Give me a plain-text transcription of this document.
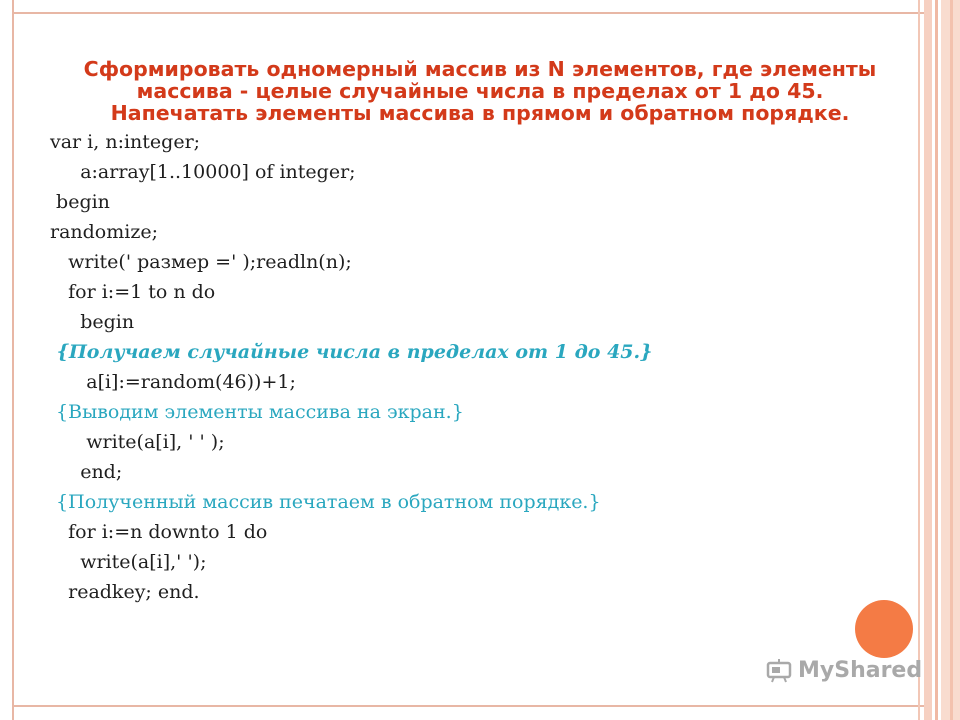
Сформировать одномерный массив из N элементов, где элементы
массива - целые случайные числа в пределах от 1 до 45.
Напечатать элементы массива в прямом и обратном порядке.
var i, n:integer;
a:array[1..10000] of integer;
begin
randomize;
write(' размер =' );readln(n);
for i:=1 to n do
begin
{Получаем случайные числа в пределах от 1 до 45.}
a[i]:=random(46))+1;
{Выводим элементы массива на экран.}
write(a[i], ' ' );
end;
{Полученный массив печатаем в обратном порядке.}
for i:=n downto 1 do
write(a[i],' ');
readkey; end.
MyShared
